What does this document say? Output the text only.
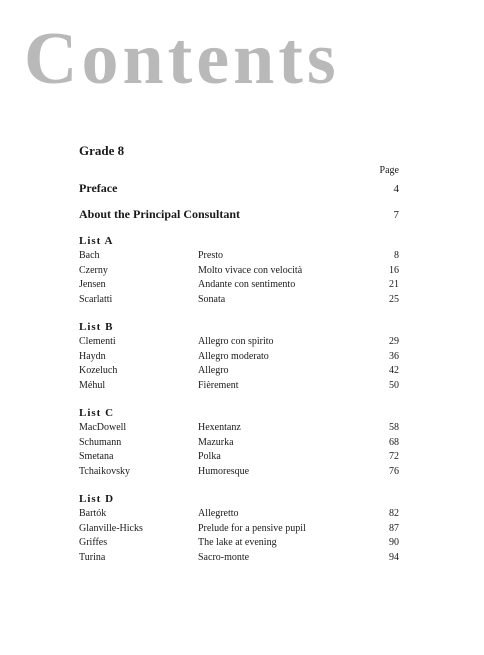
Contents
Grade 8
Page
Preface	4
About the Principal Consultant	7
List A
Bach	Presto	8
Czerny	Molto vivace con velocità	16
Jensen	Andante con sentimento	21
Scarlatti	Sonata	25
List B
Clementi	Allegro con spirito	29
Haydn	Allegro moderato	36
Kozeluch	Allegro	42
Méhul	Fièrement	50
List C
MacDowell	Hexentanz	58
Schumann	Mazurka	68
Smetana	Polka	72
Tchaikovsky	Humoresque	76
List D
Bartók	Allegretto	82
Glanville-Hicks	Prelude for a pensive pupil	87
Griffes	The lake at evening	90
Turina	Sacro-monte	94
